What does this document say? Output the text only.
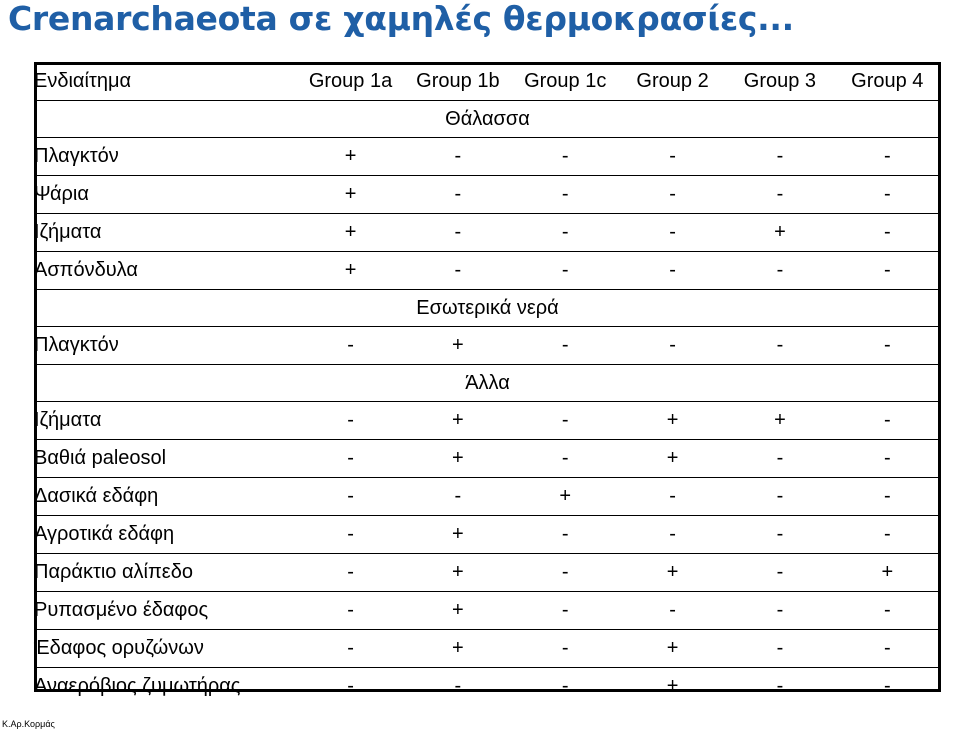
Crenarchaeota σε χαμηλές θερμοκρασίες...
Ενδιαίτημα	Group 1a	Group 1b	Group 1c	Group 2	Group 3	Group 4
Θάλασσα						
Πλαγκτόν	+	-	-	-	-	-
Ψάρια	+	-	-	-	-	-
Ιζήματα	+	-	-	-	+	-
Ασπόνδυλα	+	-	-	-	-	-
Εσωτερικά νερά						
Πλαγκτόν	-	+	-	-	-	-
Άλλα						
Ιζήματα	-	+	-	+	+	-
Βαθιά paleosol	-	+	-	+	-	-
Δασικά εδάφη	-	-	+	-	-	-
Αγροτικά εδάφη	-	+	-	-	-	-
Παράκτιο αλίπεδο	-	+	-	+	-	+
Ρυπασμένο έδαφος	-	+	-	-	-	-
Έδαφος ορυζώνων	-	+	-	+	-	-
Αναερόβιος ζυμωτήρας	-	-	-	+	-	-
Κ.Αρ.Κορμάς
